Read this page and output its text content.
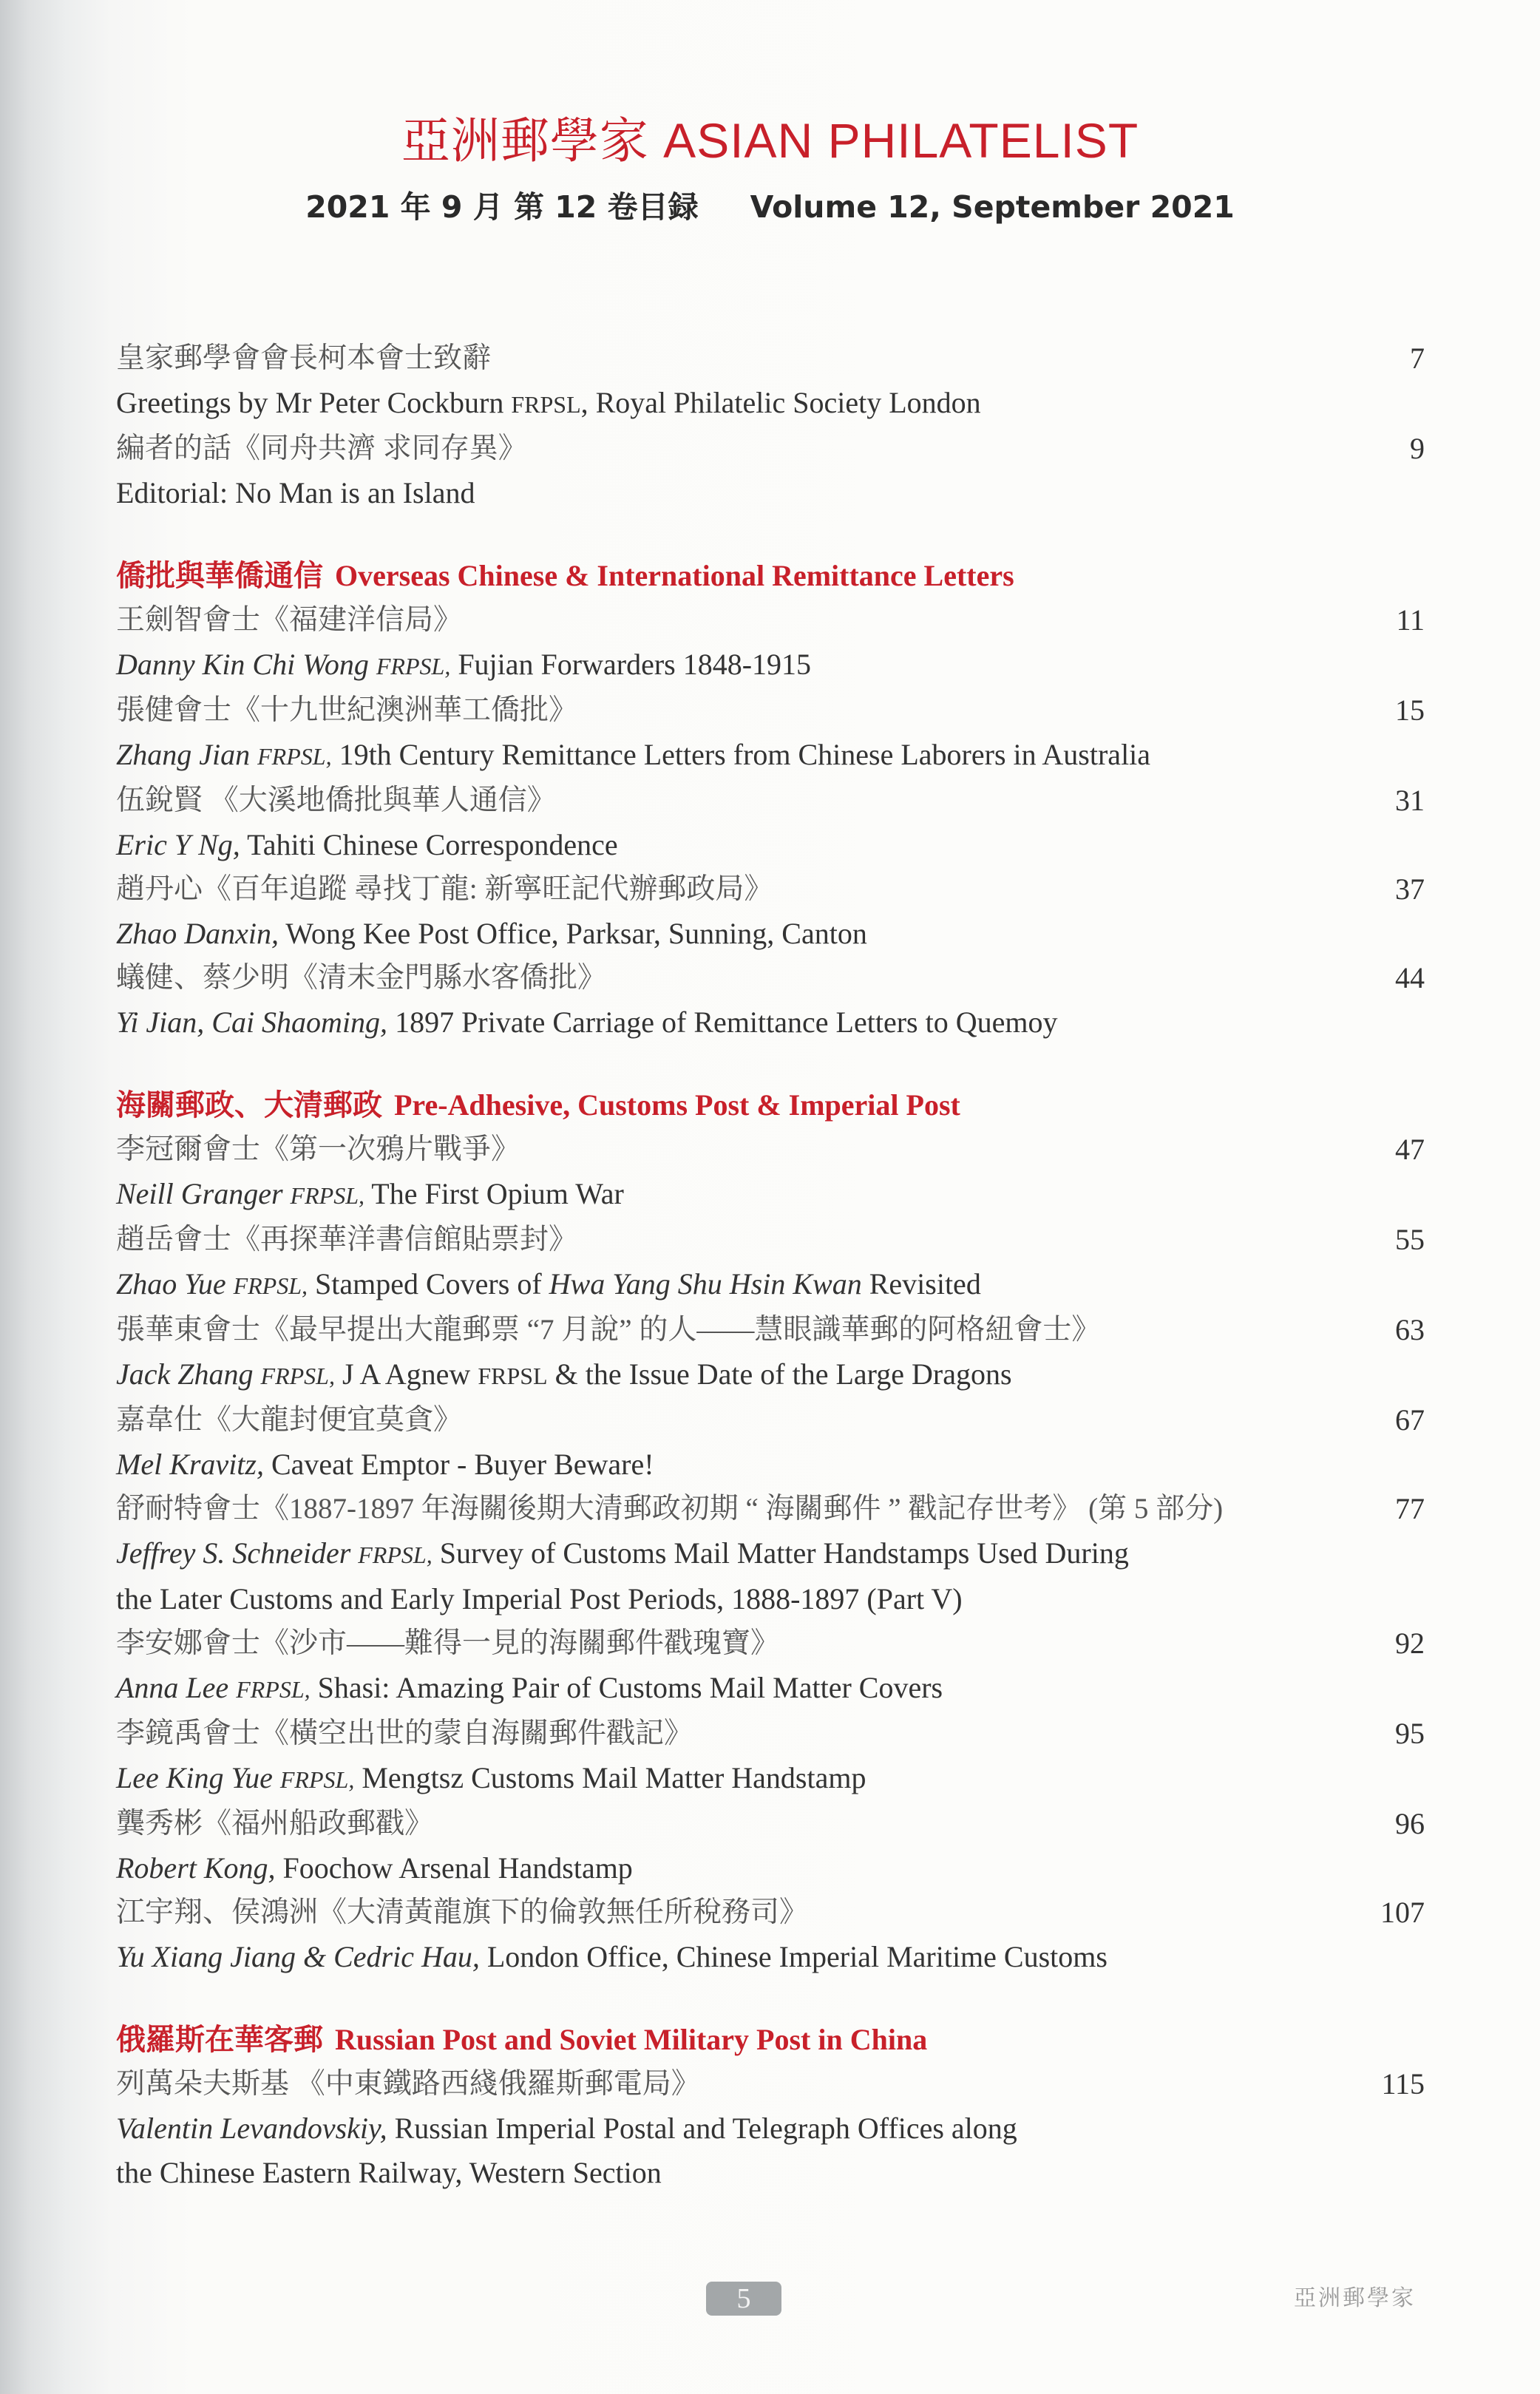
亞洲郵學家 ASIAN PHILATELIST
2021 年 9 月 第 12 卷目録 Volume 12, September 2021
皇家郵學會會長柯本會士致辭	7
Greetings by Mr Peter Cockburn FRPSL, Royal Philatelic Society London
編者的話《同舟共濟 求同存異》	9
Editorial: No Man is an Island
僑批與華僑通信 Overseas Chinese & International Remittance Letters
王劍智會士《福建洋信局》	11
Danny Kin Chi Wong FRPSL, Fujian Forwarders 1848-1915
張健會士《十九世紀澳洲華工僑批》	15
Zhang Jian FRPSL, 19th Century Remittance Letters from Chinese Laborers in Australia
伍銳賢 《大溪地僑批與華人通信》	31
Eric Y Ng, Tahiti Chinese Correspondence
趙丹心《百年追蹤 尋找丁龍: 新寧旺記代辦郵政局》	37
Zhao Danxin, Wong Kee Post Office, Parksar, Sunning, Canton
蟻健、蔡少明《清末金門縣水客僑批》	44
Yi Jian, Cai Shaoming, 1897 Private Carriage of Remittance Letters to Quemoy
海關郵政、大清郵政 Pre-Adhesive, Customs Post & Imperial Post
李冠爾會士《第一次鴉片戰爭》	47
Neill Granger FRPSL, The First Opium War
趙岳會士《再探華洋書信館貼票封》	55
Zhao Yue FRPSL, Stamped Covers of Hwa Yang Shu Hsin Kwan Revisited
張華東會士《最早提出大龍郵票 “7 月說” 的人——慧眼識華郵的阿格紐會士》	63
Jack Zhang FRPSL, J A Agnew FRPSL & the Issue Date of the Large Dragons
嘉韋仕《大龍封便宜莫貪》	67
Mel Kravitz, Caveat Emptor - Buyer Beware!
舒耐特會士《1887-1897 年海關後期大清郵政初期 “ 海關郵件 ” 戳記存世考》 (第 5 部分)	77
Jeffrey S. Schneider FRPSL, Survey of Customs Mail Matter Handstamps Used During
the Later Customs and Early Imperial Post Periods, 1888-1897 (Part V)
李安娜會士《沙市——難得一見的海關郵件戳瑰寶》	92
Anna Lee FRPSL, Shasi: Amazing Pair of Customs Mail Matter Covers
李鏡禹會士《橫空出世的蒙自海關郵件戳記》	95
Lee King Yue FRPSL, Mengtsz Customs Mail Matter Handstamp
龔秀彬《福州船政郵戳》	96
Robert Kong, Foochow Arsenal Handstamp
江宇翔、侯鴻洲《大清黃龍旗下的倫敦無任所稅務司》	107
Yu Xiang Jiang & Cedric Hau, London Office, Chinese Imperial Maritime Customs
俄羅斯在華客郵 Russian Post and Soviet Military Post in China
列萬朵夫斯基 《中東鐵路西綫俄羅斯郵電局》	115
Valentin Levandovskiy, Russian Imperial Postal and Telegraph Offices along
the Chinese Eastern Railway, Western Section
5	亞洲郵學家
